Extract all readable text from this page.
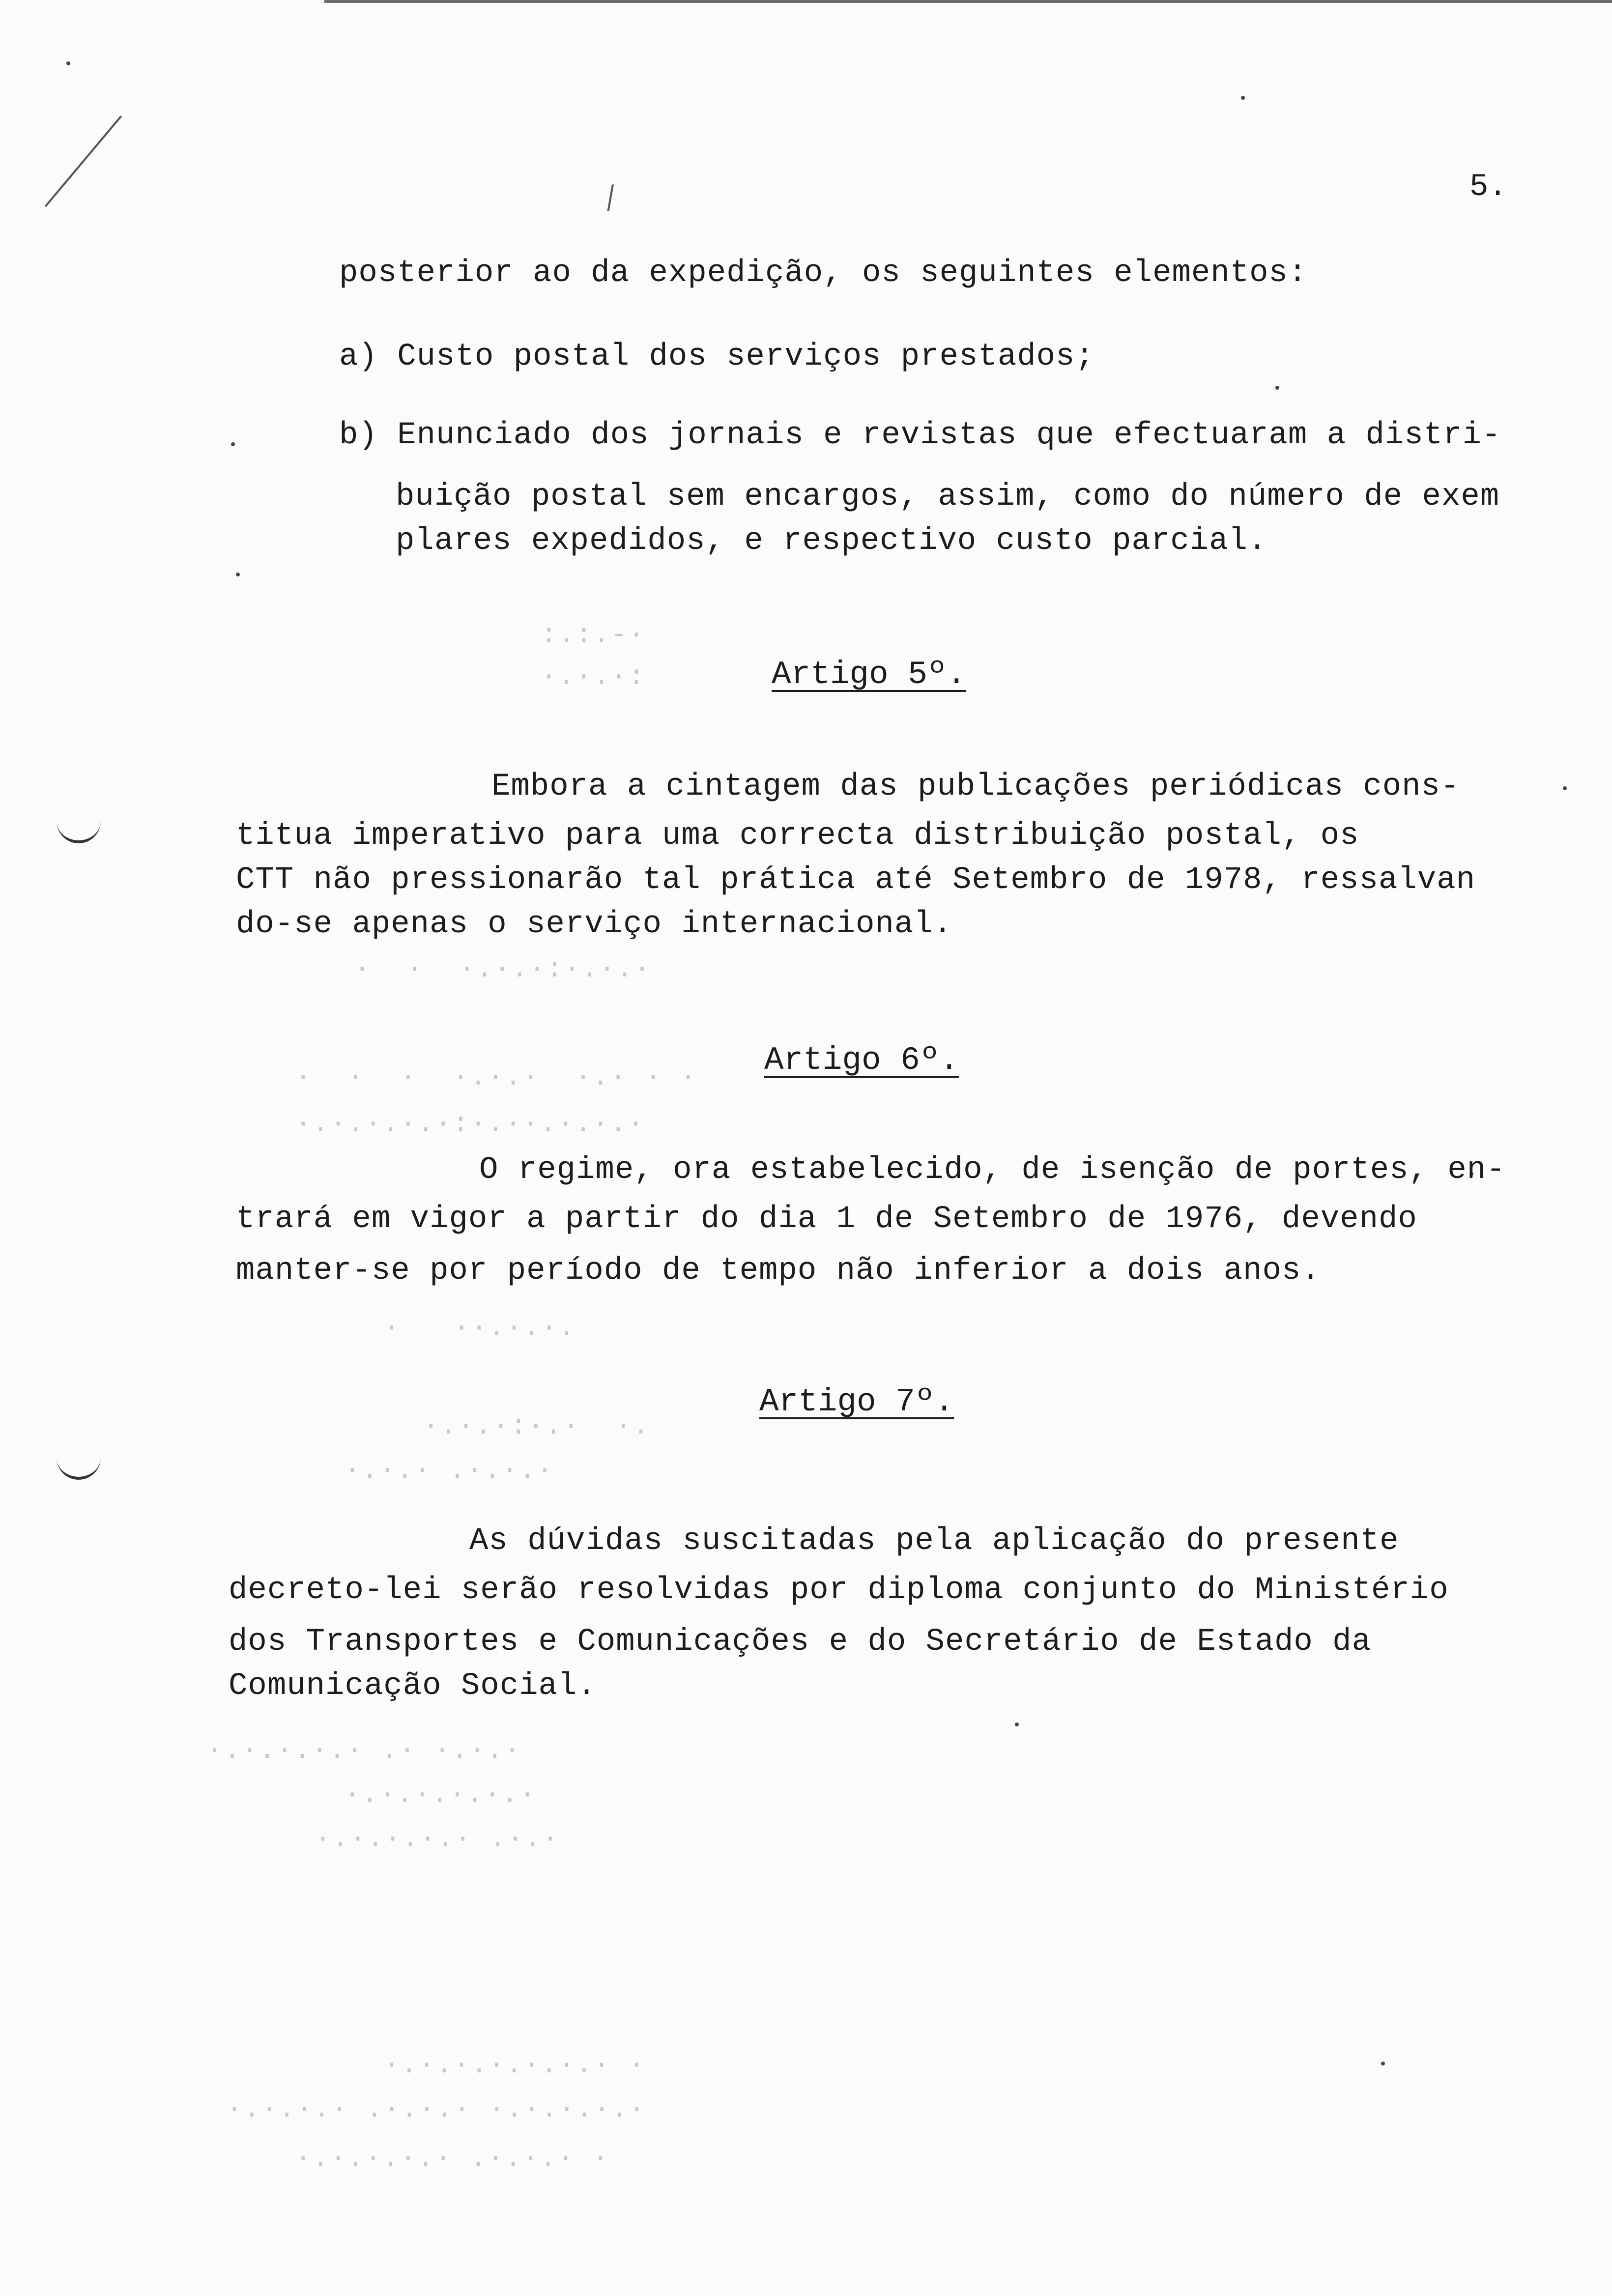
5.
posterior ao da expedição, os seguintes elementos:
a) Custo postal dos serviços prestados;
b) Enunciado dos jornais e revistas que efectuaram a distri-
buição postal sem encargos, assim, como do número de exem
plares expedidos, e respectivo custo parcial.
:.:.-·
·.·.·:
·  ·  ·.·.·:·.·.·
·  ·  ·  ·.·.·  ·.· · ·
·.·.·.·.·:·.··.·.·.·
·   ··.·.·.
·.·.·:·.·  ·.
·.·.· .·.·.·
·.·.·.·.· .· ·.·.·
·.·.·.·.·.·
·.·.·.·.· .·.·
·.·.·.·.·.·.· ·
·.·.·.· .·.·.· ·.·.·.·.·
·.·.·.·.· .·.·.· ·
Artigo 5º.
Embora a cintagem das publicações periódicas cons-
titua imperativo para uma correcta distribuição postal, os
CTT não pressionarão tal prática até Setembro de 1978, ressalvan
do-se apenas o serviço internacional.
Artigo 6º.
O regime, ora estabelecido, de isenção de portes, en-
trará em vigor a partir do dia 1 de Setembro de 1976, devendo
manter-se por período de tempo não inferior a dois anos.
Artigo 7º.
As dúvidas suscitadas pela aplicação do presente
decreto-lei serão resolvidas por diploma conjunto do Ministério
dos Transportes e Comunicações e do Secretário de Estado da
Comunicação Social.
